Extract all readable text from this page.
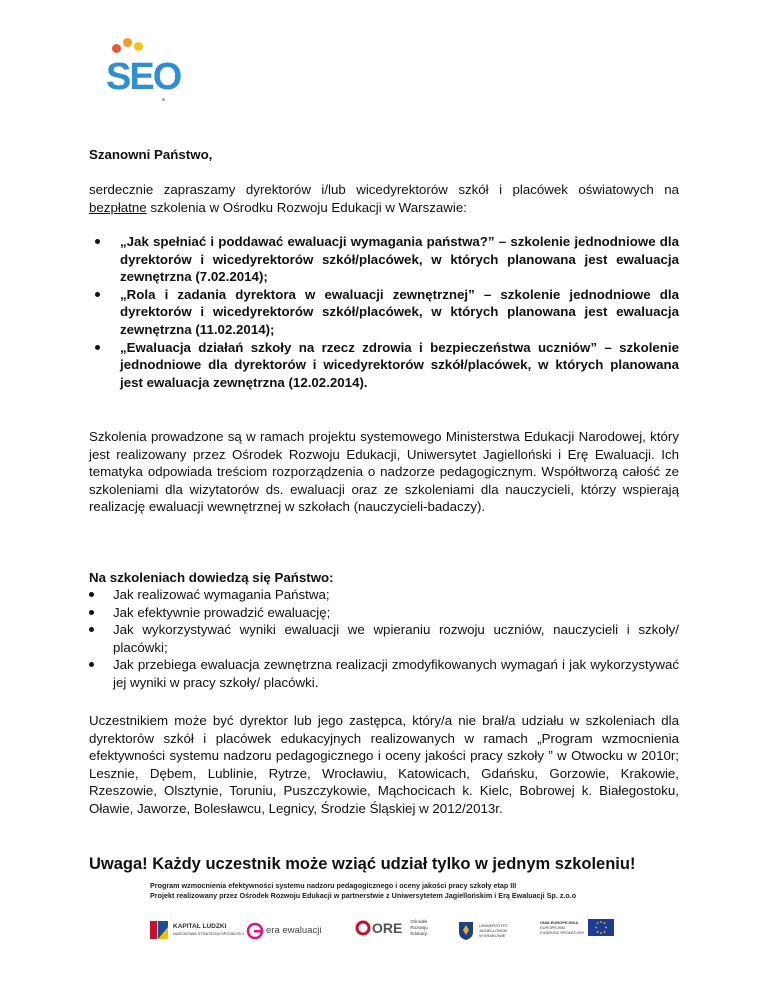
SEO
Szanowni Państwo,
serdecznie zapraszamy dyrektorów i/lub wicedyrektorów szkół i placówek oświatowych na bezpłatne szkolenia w Ośrodku Rozwoju Edukacji w Warszawie:
„Jak spełniać i poddawać ewaluacji wymagania państwa?” – szkolenie jednodniowe dla dyrektorów i wicedyrektorów szkół/placówek, w których planowana jest ewaluacja zewnętrzna (7.02.2014);
„Rola i zadania dyrektora w ewaluacji zewnętrznej” – szkolenie jednodniowe dla dyrektorów i wicedyrektorów szkół/placówek, w których planowana jest ewaluacja zewnętrzna (11.02.2014);
„Ewaluacja działań szkoły na rzecz zdrowia i bezpieczeństwa uczniów” – szkolenie jednodniowe dla dyrektorów i wicedyrektorów szkół/placówek, w których planowana jest ewaluacja zewnętrzna (12.02.2014).
Szkolenia prowadzone są w ramach projektu systemowego Ministerstwa Edukacji Narodowej, który jest realizowany przez Ośrodek Rozwoju Edukacji, Uniwersytet Jagielloński i Erę Ewaluacji. Ich tematyka odpowiada treściom rozporządzenia o nadzorze pedagogicznym. Współtworzą całość ze szkoleniami dla wizytatorów ds. ewaluacji oraz ze szkoleniami dla nauczycieli, którzy wspierają realizację ewaluacji wewnętrznej w szkołach (nauczycieli-badaczy).
Na szkoleniach dowiedzą się Państwo:
Jak realizować wymagania Państwa;
Jak efektywnie prowadzić ewaluację;
Jak wykorzystywać wyniki ewaluacji we wpieraniu rozwoju uczniów, nauczycieli i szkoły/ placówki;
Jak przebiega ewaluacja zewnętrzna realizacji zmodyfikowanych wymagań i jak wykorzystywać jej wyniki w pracy szkoły/ placówki.
Uczestnikiem może być dyrektor lub jego zastępca, który/a nie brał/a udziału w szkoleniach dla dyrektorów szkół i placówek edukacyjnych realizowanych w ramach „Program wzmocnienia efektywności systemu nadzoru pedagogicznego i oceny jakości pracy szkoły ” w Otwocku w 2010r; Lesznie, Dębem, Lublinie, Rytrze, Wrocławiu, Katowicach, Gdańsku, Gorzowie, Krakowie, Rzeszowie, Olsztynie, Toruniu, Puszczykowie, Mąchocicach k. Kielc, Bobrowej k. Białegostoku, Oławie, Jaworze, Bolesławcu, Legnicy, Środzie Śląskiej w 2012/2013r.
Uwaga! Każdy uczestnik może wziąć udział tylko w jednym szkoleniu!
Program wzmocnienia efektywności systemu nadzoru pedagogicznego i oceny jakości pracy szkoły etap III
Projekt realizowany przez Ośrodek Rozwoju Edukacji w partnerstwie z Uniwersytetem Jagiellońskim i Erą Ewaluacji Sp. z.o.o
KAPITAŁ LUDZKI
NARODOWA STRATEGIA SPÓJNOŚCI era ewaluacji	ORE Ośrodek
Rozwoju
Edukacji
UNIWERSYTET
JAGIELLOŃSKI
W KRAKOWIE
UNIA EUROPEJSKA
EUROPEJSKI
FUNDUSZ SPOŁECZNY
